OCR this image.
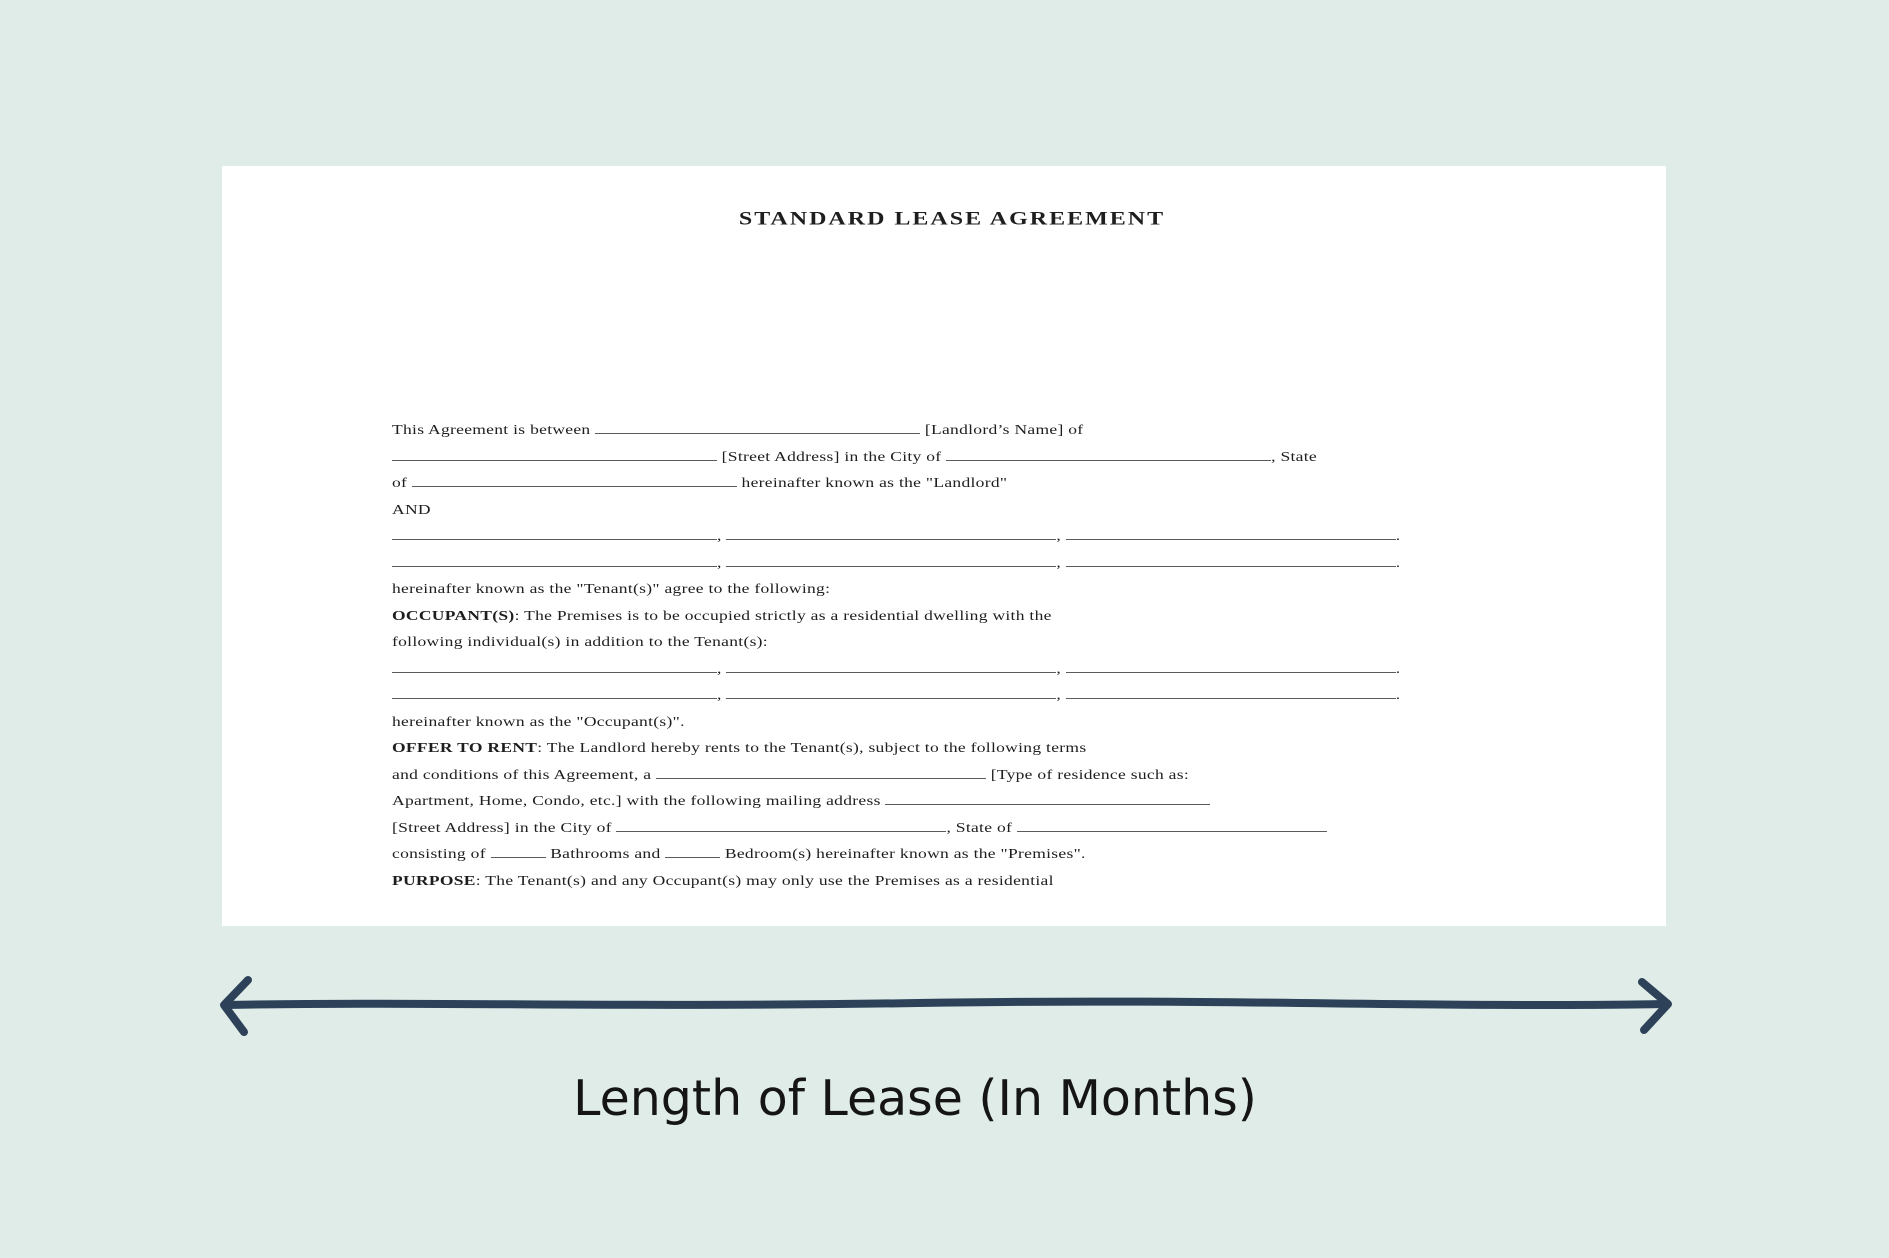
STANDARD LEASE AGREEMENT
This Agreement is between	[Landlord’s Name] of
[Street Address] in the City of	, State
of	hereinafter known as the "Landlord"
AND
,	,	.
,	,	.
hereinafter known as the "Tenant(s)" agree to the following:
OCCUPANT(S): The Premises is to be occupied strictly as a residential dwelling with the
following individual(s) in addition to the Tenant(s):
,	,	.
,	,	.
hereinafter known as the "Occupant(s)".
OFFER TO RENT: The Landlord hereby rents to the Tenant(s), subject to the following terms
and conditions of this Agreement, a	[Type of residence such as:
Apartment, Home, Condo, etc.] with the following mailing address
[Street Address] in the City of	, State of
consisting of	Bathrooms and	Bedroom(s) hereinafter known as the "Premises".
PURPOSE: The Tenant(s) and any Occupant(s) may only use the Premises as a residential
Length of Lease (In Months)
